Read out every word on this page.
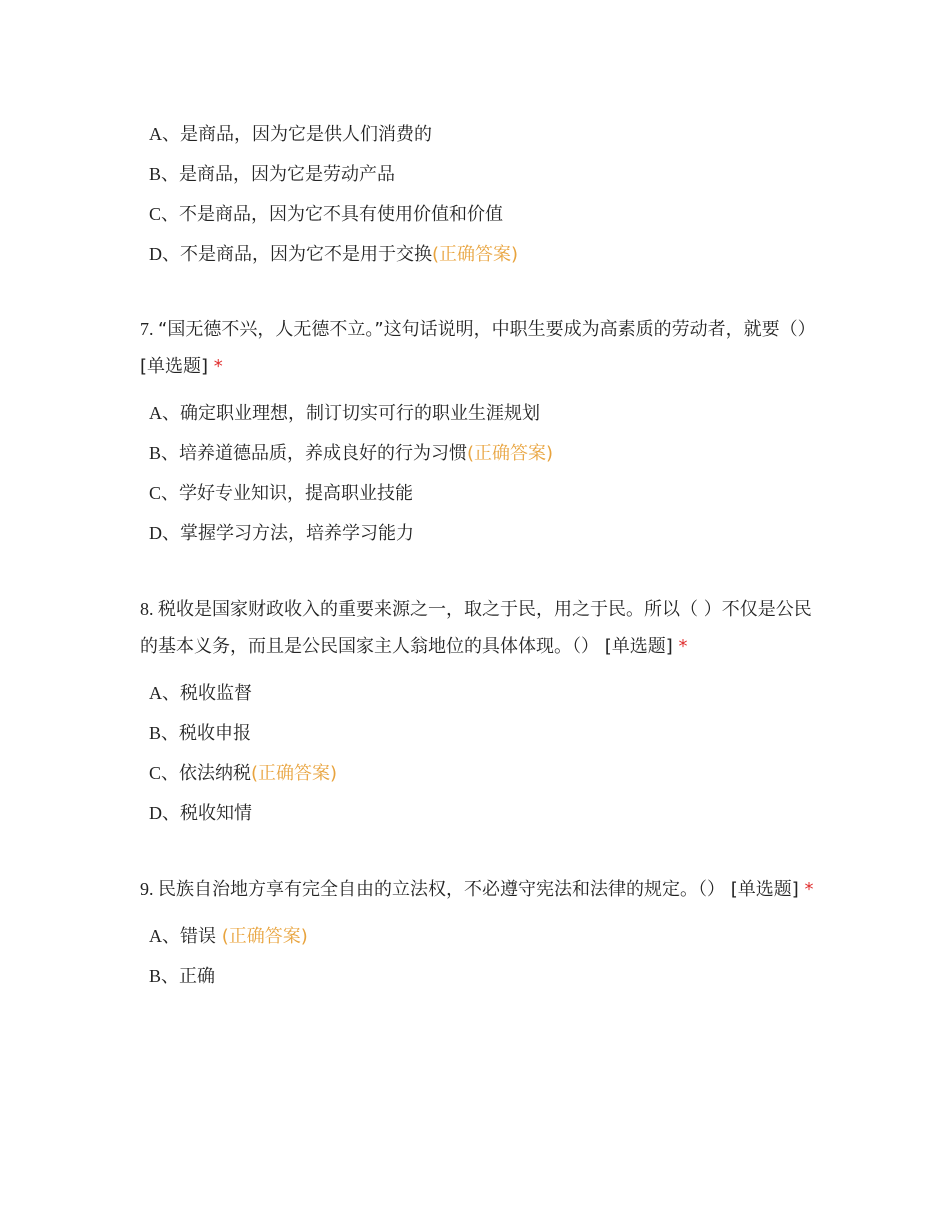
A、是商品，因为它是供人们消费的
B、是商品，因为它是劳动产品
C、不是商品，因为它不具有使用价值和价值
D、不是商品，因为它不是用于交换(正确答案)
7. “国无德不兴，人无德不立。”这句话说明，中职生要成为高素质的劳动者，就要（） [单选题] *
A、确定职业理想，制订切实可行的职业生涯规划
B、培养道德品质，养成良好的行为习惯(正确答案)
C、学好专业知识，提高职业技能
D、掌握学习方法，培养学习能力
8. 税收是国家财政收入的重要来源之一，取之于民，用之于民。所以（ ）不仅是公民的基本义务，而且是公民国家主人翁地位的具体体现。（） [单选题] *
A、税收监督
B、税收申报
C、依法纳税(正确答案)
D、税收知情
9. 民族自治地方享有完全自由的立法权，不必遵守宪法和法律的规定。（） [单选题] *
A、错误 (正确答案)
B、正确
